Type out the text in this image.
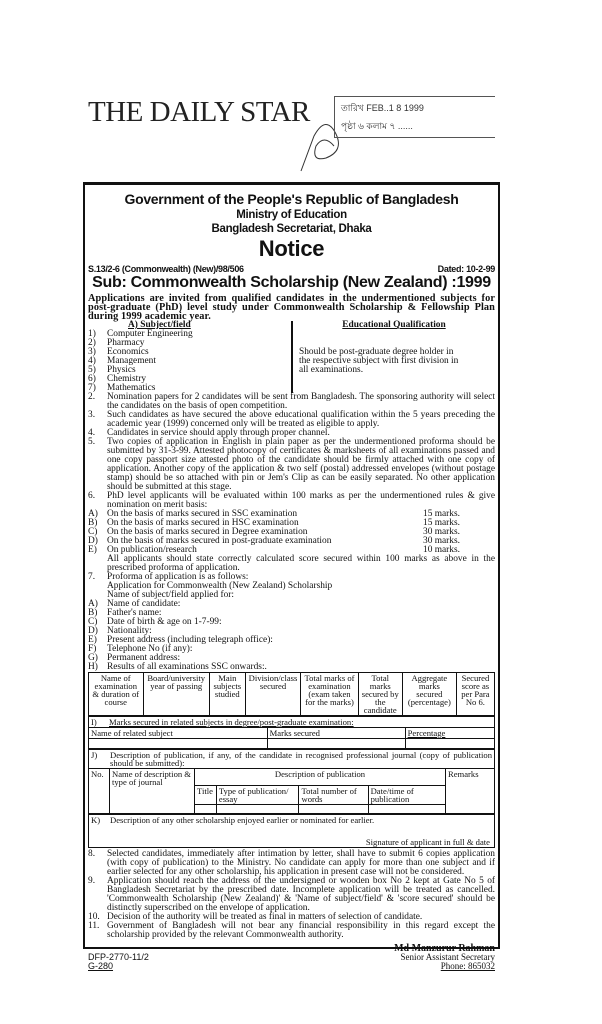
THE DAILY STAR	তারিখ FEB..1 8 1999
পৃষ্ঠা ৬ কলাম ৭ ......
Government of the People's Republic of Bangladesh
Ministry of Education
Bangladesh Secretariat, Dhaka
Notice
S.13/2-6 (Commonwealth) (New)/98/506	Dated: 10-2-99
Sub: Commonwealth Scholarship (New Zealand) :1999
Applications are invited from qualified candidates in the undermentioned subjects for post-graduate (PhD) level study under Commonwealth Scholarship & Fellowship Plan during 1999 academic year.
A) Subject/field
1)	Computer Engineering
2)	Pharmacy
3)	Economics
4)	Management
5)	Physics
6)	Chemistry
7)	Mathematics
Educational Qualification
Should be post-graduate degree holder in the respective subject with first division in all examinations.
2.	Nomination papers for 2 candidates will be sent from Bangladesh. The sponsoring authority will select the candidates on the basis of open competition.
3.	Such candidates as have secured the above educational qualification within the 5 years preceding the academic year (1999) concerned only will be treated as eligible to apply.
4.	Candidates in service should apply through proper channel.
5.	Two copies of application in English in plain paper as per the undermentioned proforma should be submitted by 31-3-99. Attested photocopy of certificates & marksheets of all examinations passed and one copy passport size attested photo of the candidate should be firmly attached with one copy of application. Another copy of the application & two self (postal) addressed envelopes (without postage stamp) should be so attached with pin or Jem's Clip as can be easily separated. No other application should be submitted at this stage.
6.	PhD level applicants will be evaluated within 100 marks as per the undermentioned rules & give nomination on merit basis:
A) On the basis of marks secured in SSC examination	15 marks.
B)	On the basis of marks secured in HSC examination	15 marks.
C)	On the basis of marks secured in Degree examination	30 marks.
D) On the basis of marks secured in post-graduate examination	30 marks.
E)	On publication/research	10 marks.
All applicants should state correctly calculated score secured within 100 marks as above in the prescribed proforma of application.
7.	Proforma of application is as follows:
Application for Commonwealth (New Zealand) Scholarship
Name of subject/field applied for:
A) Name of candidate:
B)	Father's name:
C)	Date of birth & age on 1-7-99:
D) Nationality:
E)	Present address (including telegraph office):
F)	Telephone No (if any):
G) Permanent address:
H) Results of all examinations SSC onwards:.
Name of examination & duration of course	Board/university year of passing	Main subjects studied	Division/class secured	Total marks of examination (exam taken for the marks)	Total marks secured by the candidate	Aggregate marks secured (percentage)	Secured score as per Para No 6.
I) Marks secured in related subjects in degree/post-graduate examination:		
Name of related subject	Marks secured	Percentage

J) Description of publication, if any, of the candidate in recognised professional journal (copy of publication should be submitted):						

No.	Name of description & type of journal	Description of publication				Remarks
		Title	Type of publication/ essay	Total number of words	Date/time of publication	

K)	Description of any other scholarship enjoyed earlier or nominated for earlier.
Signature of applicant in full & date
8.	Selected candidates, immediately after intimation by letter, shall have to submit 6 copies application (with copy of publication) to the Ministry. No candidate can apply for more than one subject and if earlier selected for any other scholarship, his application in present case will not be considered.
9.	Application should reach the address of the undersigned or wooden box No 2 kept at Gate No 5 of Bangladesh Secretariat by the prescribed date. Incomplete application will be treated as cancelled. 'Commonwealth Scholarship (New Zealand)' & 'Name of subject/field' & 'score secured' should be distinctly superscribed on the envelope of application.
10. Decision of the authority will be treated as final in matters of selection of candidate.
11. Government of Bangladesh will not bear any financial responsibility in this regard except the scholarship provided by the relevant Commonwealth authority.
DFP-2770-11/2
G-280
Md Manzurur Rahman
Senior Assistant Secretary
Phone: 865032
